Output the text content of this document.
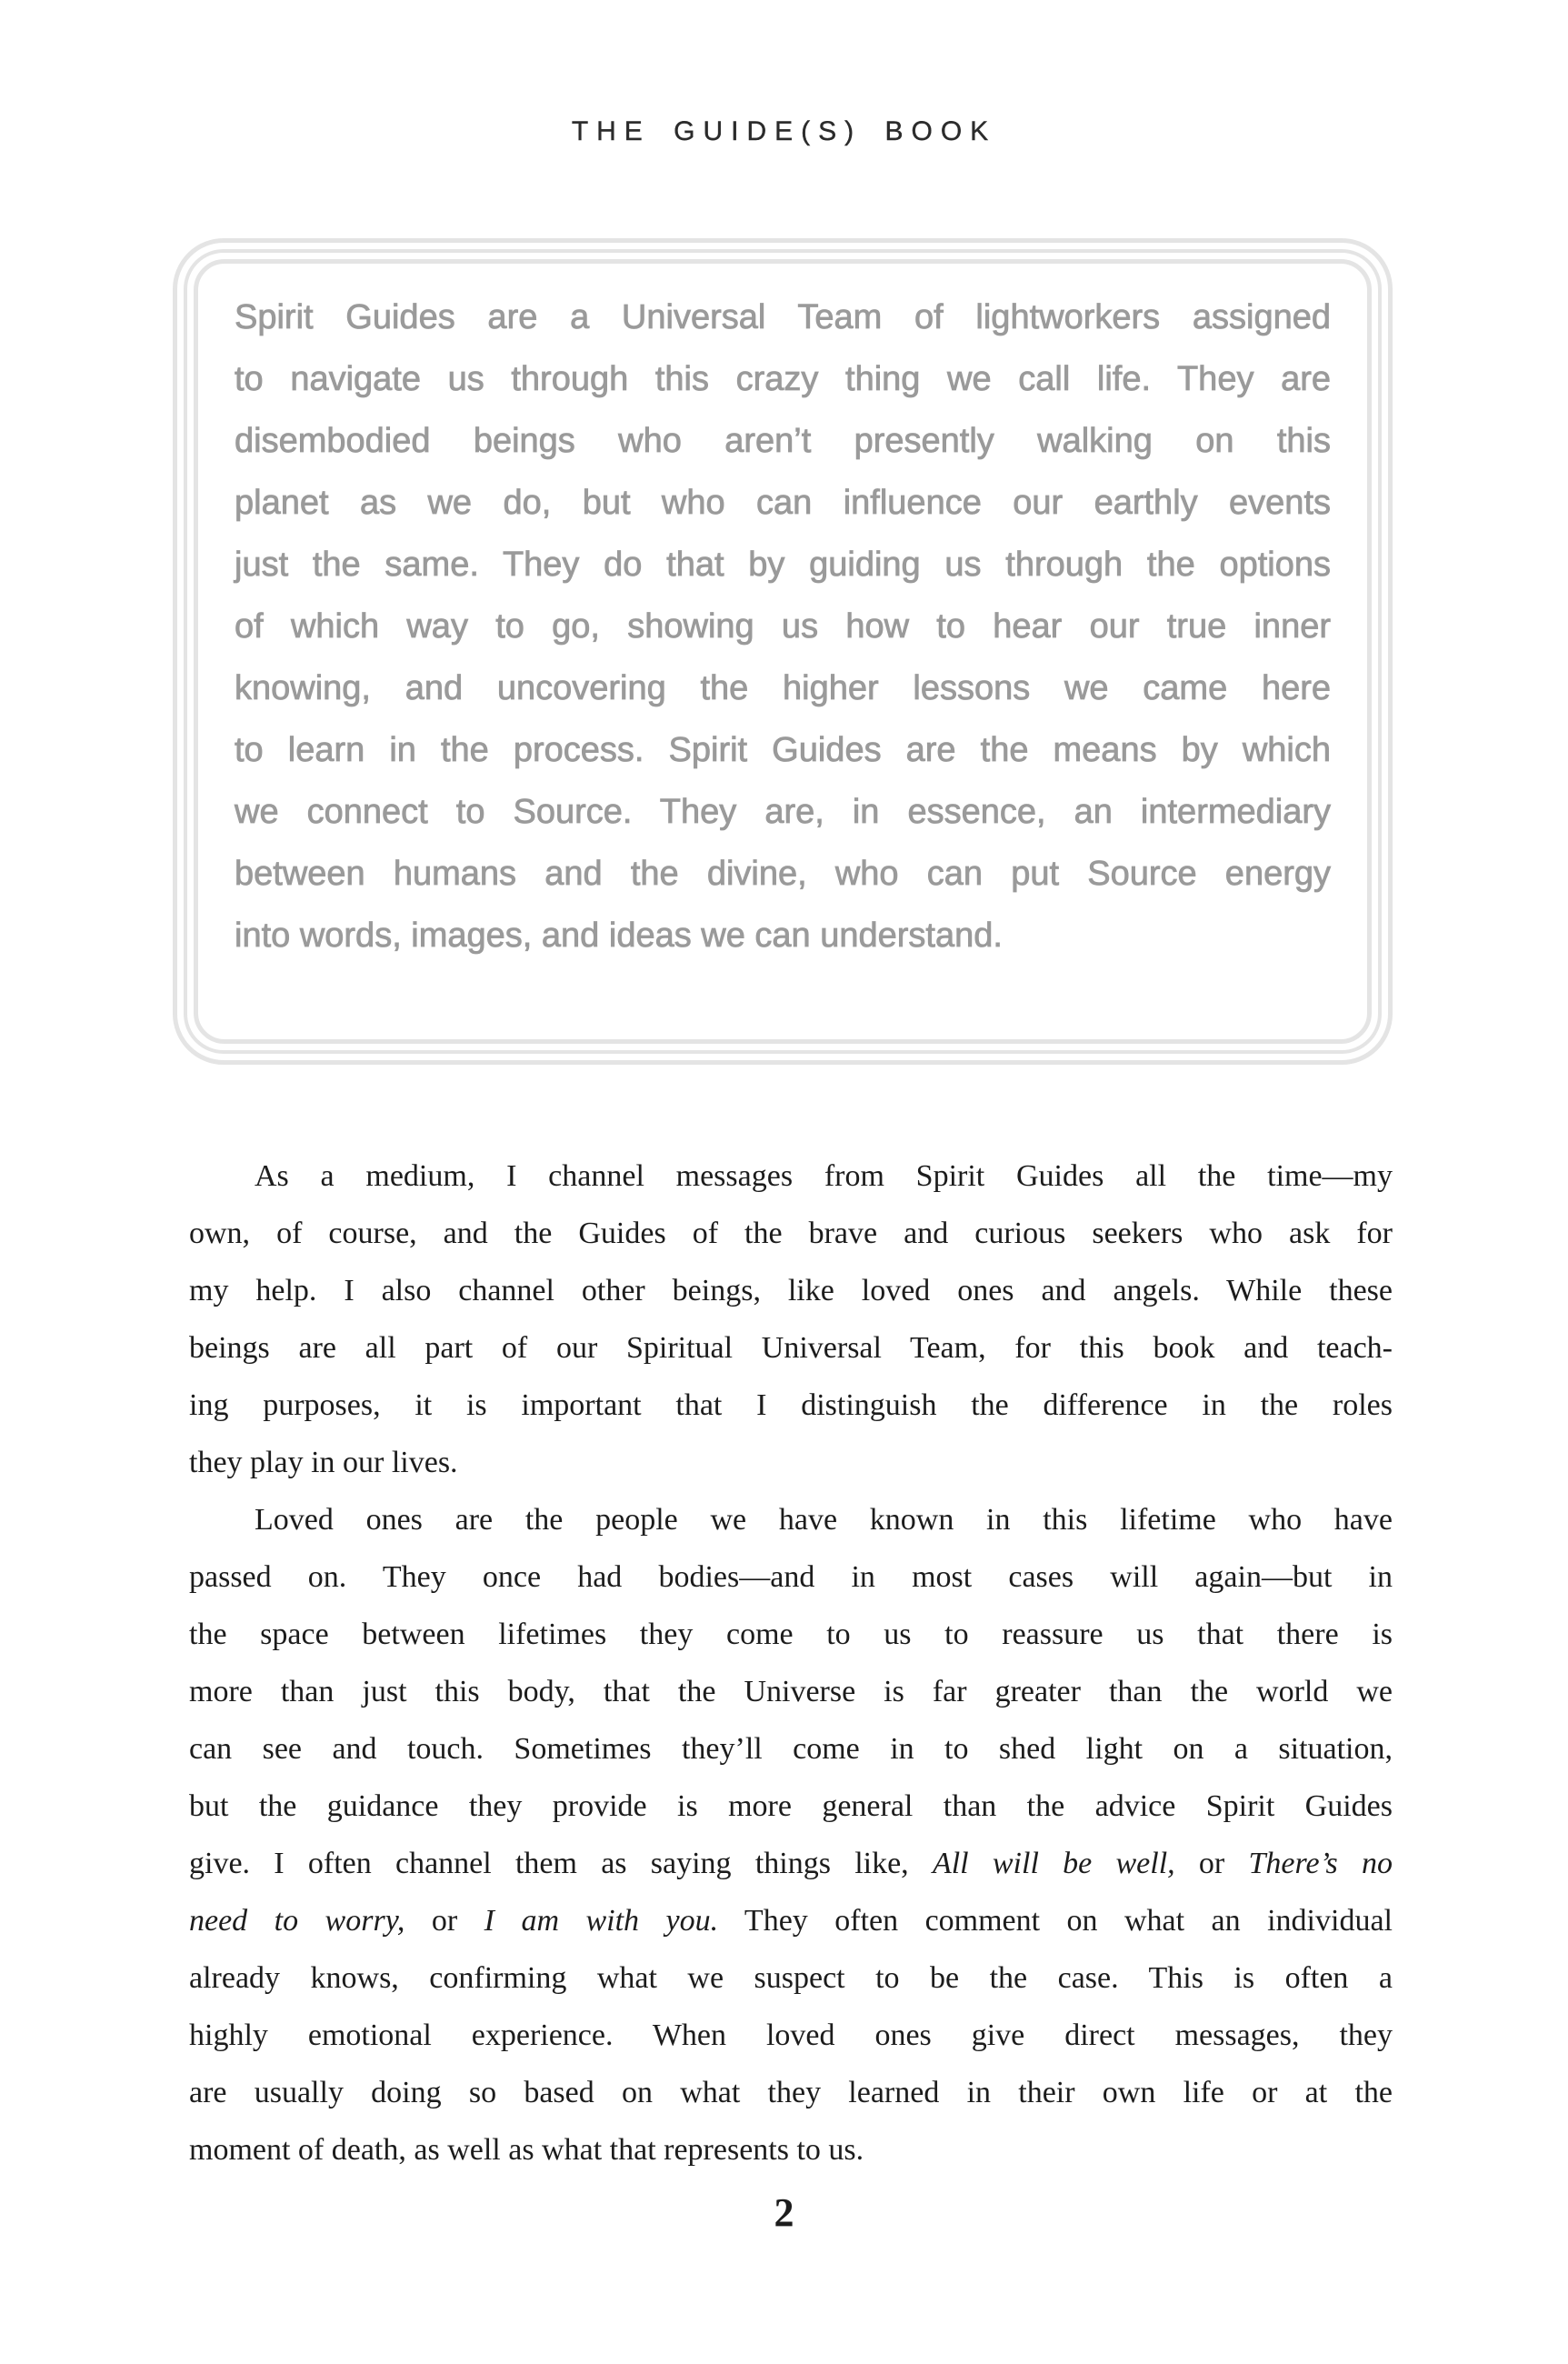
THE GUIDE(S) BOOK
Spirit Guides are a Universal Team of lightworkers assigned
to navigate us through this crazy thing we call life. They are
disembodied beings who aren’t presently walking on this
planet as we do, but who can influence our earthly events
just the same. They do that by guiding us through the options
of which way to go, showing us how to hear our true inner
knowing, and uncovering the higher lessons we came here
to learn in the process. Spirit Guides are the means by which
we connect to Source. They are, in essence, an intermediary
between humans and the divine, who can put Source energy
into words, images, and ideas we can understand.
As a medium, I channel messages from Spirit Guides all the time—my
own, of course, and the Guides of the brave and curious seekers who ask for
my help. I also channel other beings, like loved ones and angels. While these
beings are all part of our Spiritual Universal Team, for this book and teach-
ing purposes, it is important that I distinguish the difference in the roles
they play in our lives.
Loved ones are the people we have known in this lifetime who have
passed on. They once had bodies—and in most cases will again—but in
the space between lifetimes they come to us to reassure us that there is
more than just this body, that the Universe is far greater than the world we
can see and touch. Sometimes they’ll come in to shed light on a situation,
but the guidance they provide is more general than the advice Spirit Guides
give. I often channel them as saying things like, All will be well, or There’s no
need to worry, or I am with you. They often comment on what an individual
already knows, confirming what we suspect to be the case. This is often a
highly emotional experience. When loved ones give direct messages, they
are usually doing so based on what they learned in their own life or at the
moment of death, as well as what that represents to us.
2
